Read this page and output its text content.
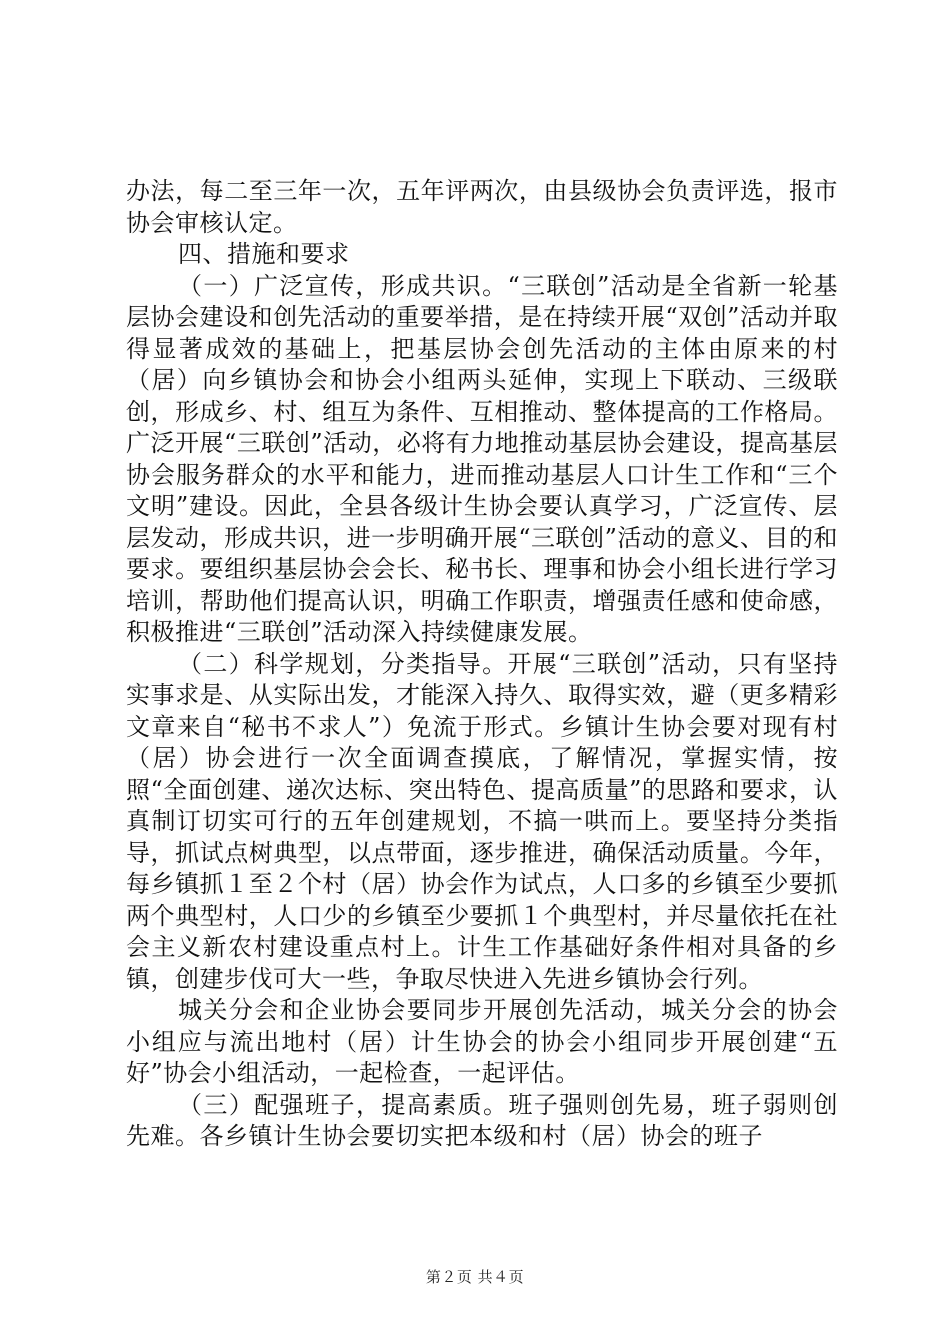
办法，每二至三年一次，五年评两次，由县级协会负责评选，报市协会审核认定。

四、措施和要求

（一）广泛宣传，形成共识。“三联创”活动是全省新一轮基层协会建设和创先活动的重要举措，是在持续开展“双创”活动并取得显著成效的基础上，把基层协会创先活动的主体由原来的村（居）向乡镇协会和协会小组两头延伸，实现上下联动、三级联创，形成乡、村、组互为条件、互相推动、整体提高的工作格局。广泛开展“三联创”活动，必将有力地推动基层协会建设，提高基层协会服务群众的水平和能力，进而推动基层人口计生工作和“三个文明”建设。因此，全县各级计生协会要认真学习，广泛宣传、层层发动，形成共识，进一步明确开展“三联创”活动的意义、目的和要求。要组织基层协会会长、秘书长、理事和协会小组长进行学习培训，帮助他们提高认识，明确工作职责，增强责任感和使命感，积极推进“三联创”活动深入持续健康发展。

（二）科学规划，分类指导。开展“三联创”活动，只有坚持实事求是、从实际出发，才能深入持久、取得实效，避（更多精彩文章来自“秘书不求人”）免流于形式。乡镇计生协会要对现有村（居）协会进行一次全面调查摸底，了解情况，掌握实情，按照“全面创建、递次达标、突出特色、提高质量”的思路和要求，认真制订切实可行的五年创建规划，不搞一哄而上。要坚持分类指导，抓试点树典型，以点带面，逐步推进，确保活动质量。今年，每乡镇抓１至２个村（居）协会作为试点，人口多的乡镇至少要抓两个典型村，人口少的乡镇至少要抓１个典型村，并尽量依托在社会主义新农村建设重点村上。计生工作基础好条件相对具备的乡镇，创建步伐可大一些，争取尽快进入先进乡镇协会行列。

城关分会和企业协会要同步开展创先活动，城关分会的协会小组应与流出地村（居）计生协会的协会小组同步开展创建“五好”协会小组活动，一起检查，一起评估。

（三）配强班子，提高素质。班子强则创先易，班子弱则创先难。各乡镇计生协会要切实把本级和村（居）协会的班子

第２页 共４页
